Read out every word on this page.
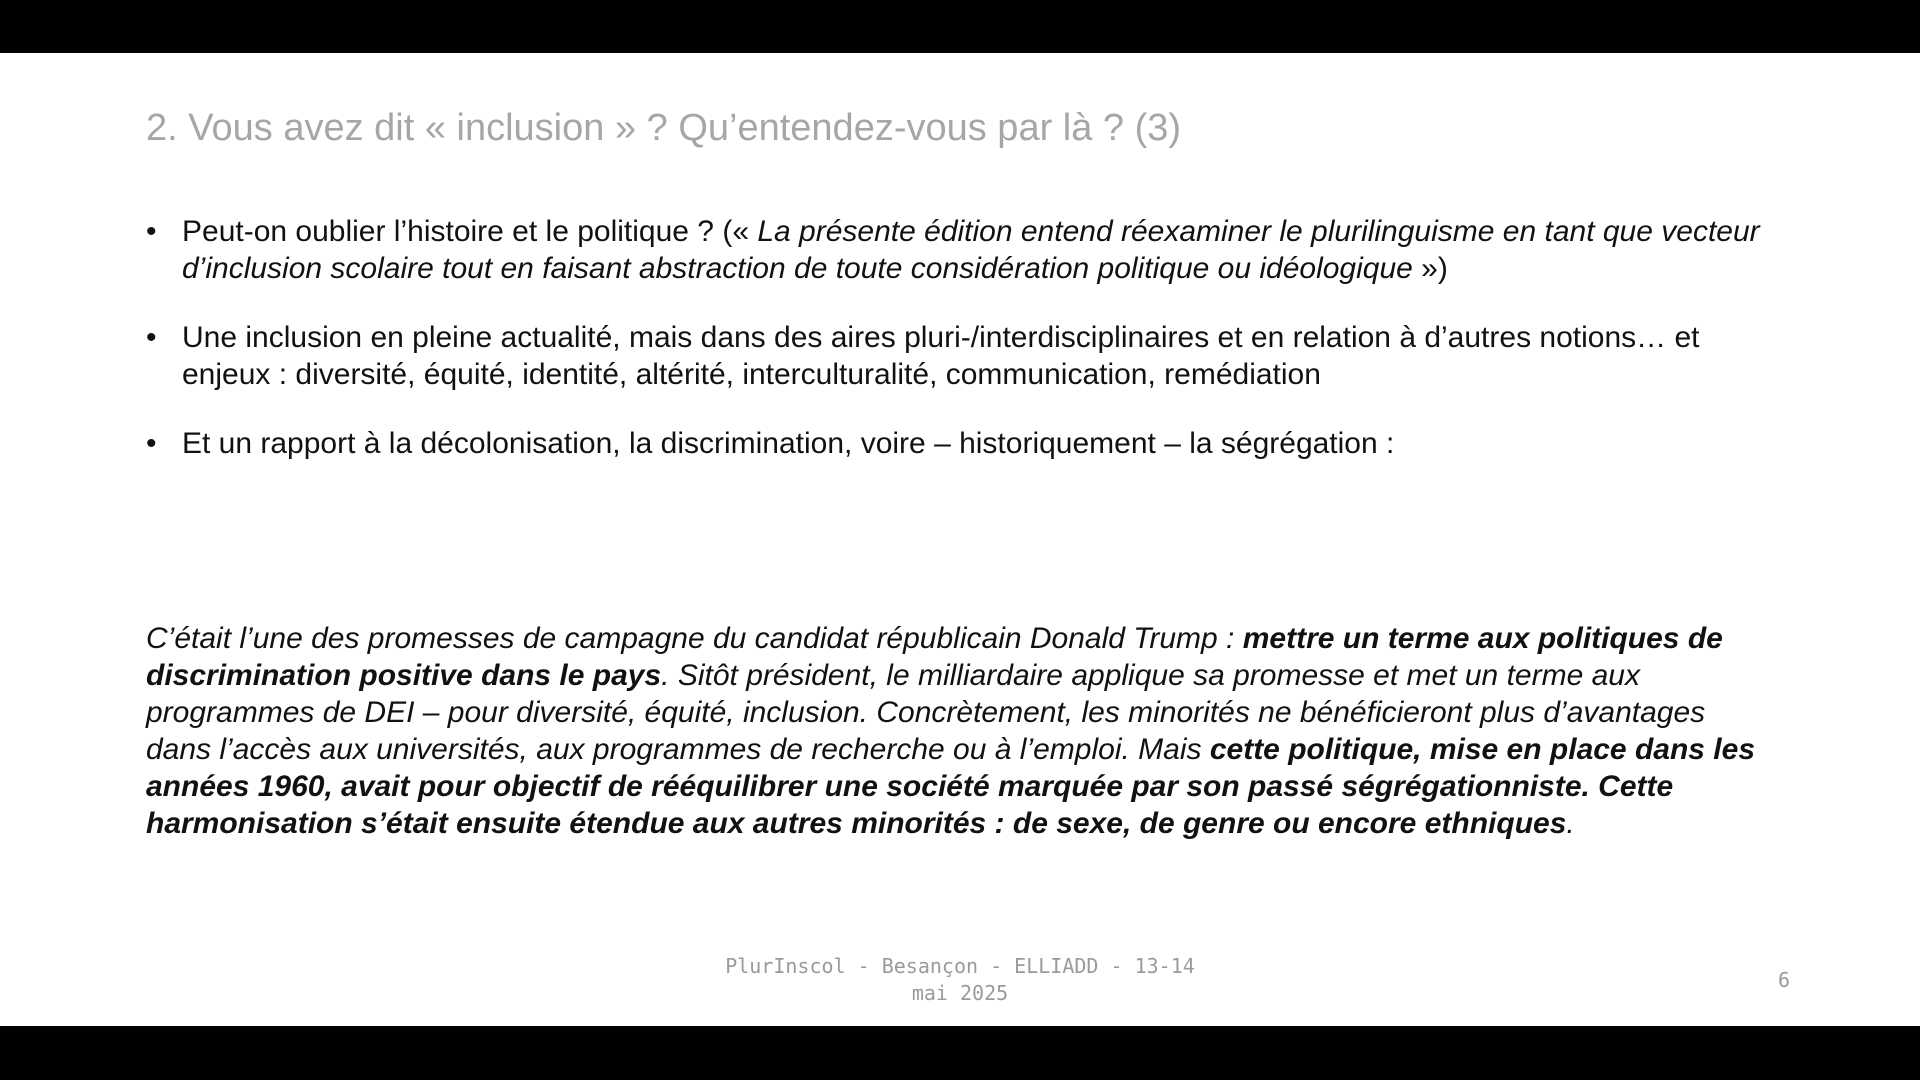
2. Vous avez dit « inclusion » ? Qu’entendez-vous par là ? (3)
• Peut-on oublier l’histoire et le politique ? (« La présente édition entend réexaminer le plurilinguisme en tant que vecteur d’inclusion scolaire tout en faisant abstraction de toute considération politique ou idéologique »)
• Une inclusion en pleine actualité, mais dans des aires pluri-/interdisciplinaires et en relation à d’autres notions… et enjeux : diversité, équité, identité, altérité, interculturalité, communication, remédiation
• Et un rapport à la décolonisation, la discrimination, voire – historiquement – la ségrégation :
C’était l’une des promesses de campagne du candidat républicain Donald Trump : mettre un terme aux politiques de discrimination positive dans le pays. Sitôt président, le milliardaire applique sa promesse et met un terme aux programmes de DEI – pour diversité, équité, inclusion. Concrètement, les minorités ne bénéficieront plus d’avantages dans l’accès aux universités, aux programmes de recherche ou à l’emploi. Mais cette politique, mise en place dans les années 1960, avait pour objectif de rééquilibrer une société marquée par son passé ségrégationniste. Cette harmonisation s’était ensuite étendue aux autres minorités : de sexe, de genre ou encore ethniques.
PlurInscol - Besançon - ELLIADD - 13-14
mai 2025
6
